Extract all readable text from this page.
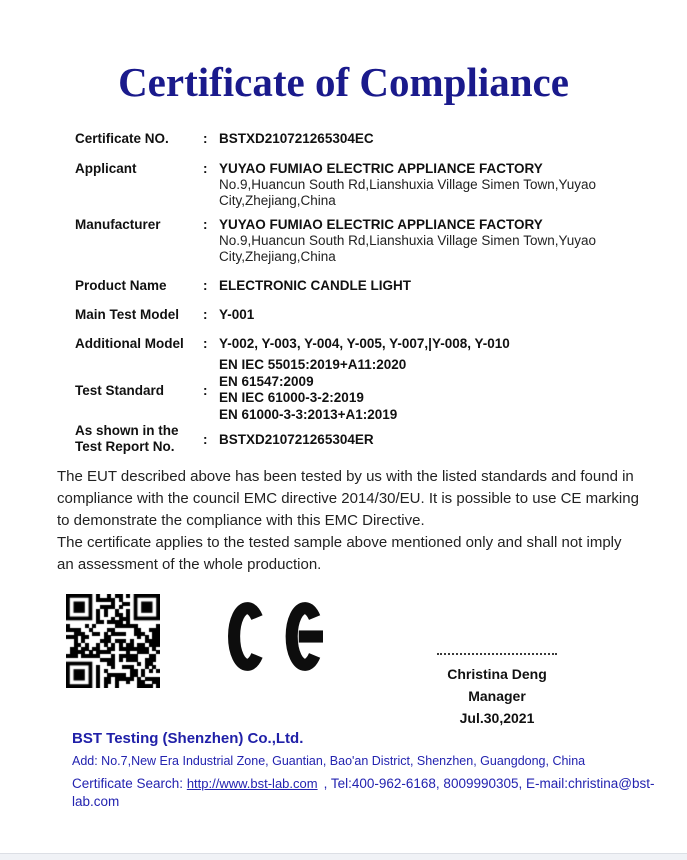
Certificate of Compliance
Certificate NO.	: BSTXD210721265304EC
Applicant	: YUYAO FUMIAO ELECTRIC APPLIANCE FACTORY
No.9,Huancun South Rd,Lianshuxia Village Simen Town,Yuyao
City,Zhejiang,China
Manufacturer	: YUYAO FUMIAO ELECTRIC APPLIANCE FACTORY
No.9,Huancun South Rd,Lianshuxia Village Simen Town,Yuyao
City,Zhejiang,China
Product Name	: ELECTRONIC CANDLE LIGHT
Main Test Model	: Y-001
Additional Model	: Y-002, Y-003, Y-004, Y-005, Y-007,|Y-008, Y-010
Test Standard	:
EN IEC 55015:2019+A11:2020
EN 61547:2009
EN IEC 61000-3-2:2019
EN 61000-3-3:2013+A1:2019
As shown in the
Test Report No.	: BSTXD210721265304ER
The EUT described above has been tested by us with the listed standards and found in compliance with the council EMC directive 2014/30/EU. It is possible to use CE marking to demonstrate the compliance with this EMC Directive.
The certificate applies to the tested sample above mentioned only and shall not imply an assessment of the whole production.
Christina Deng
Manager
Jul.30,2021
BST Testing (Shenzhen) Co.,Ltd.
Add: No.7,New Era Industrial Zone, Guantian, Bao'an District, Shenzhen, Guangdong, China
Certificate Search: http://www.bst-lab.com , Tel:400-962-6168, 8009990305, E-mail:christina@bst-lab.com
